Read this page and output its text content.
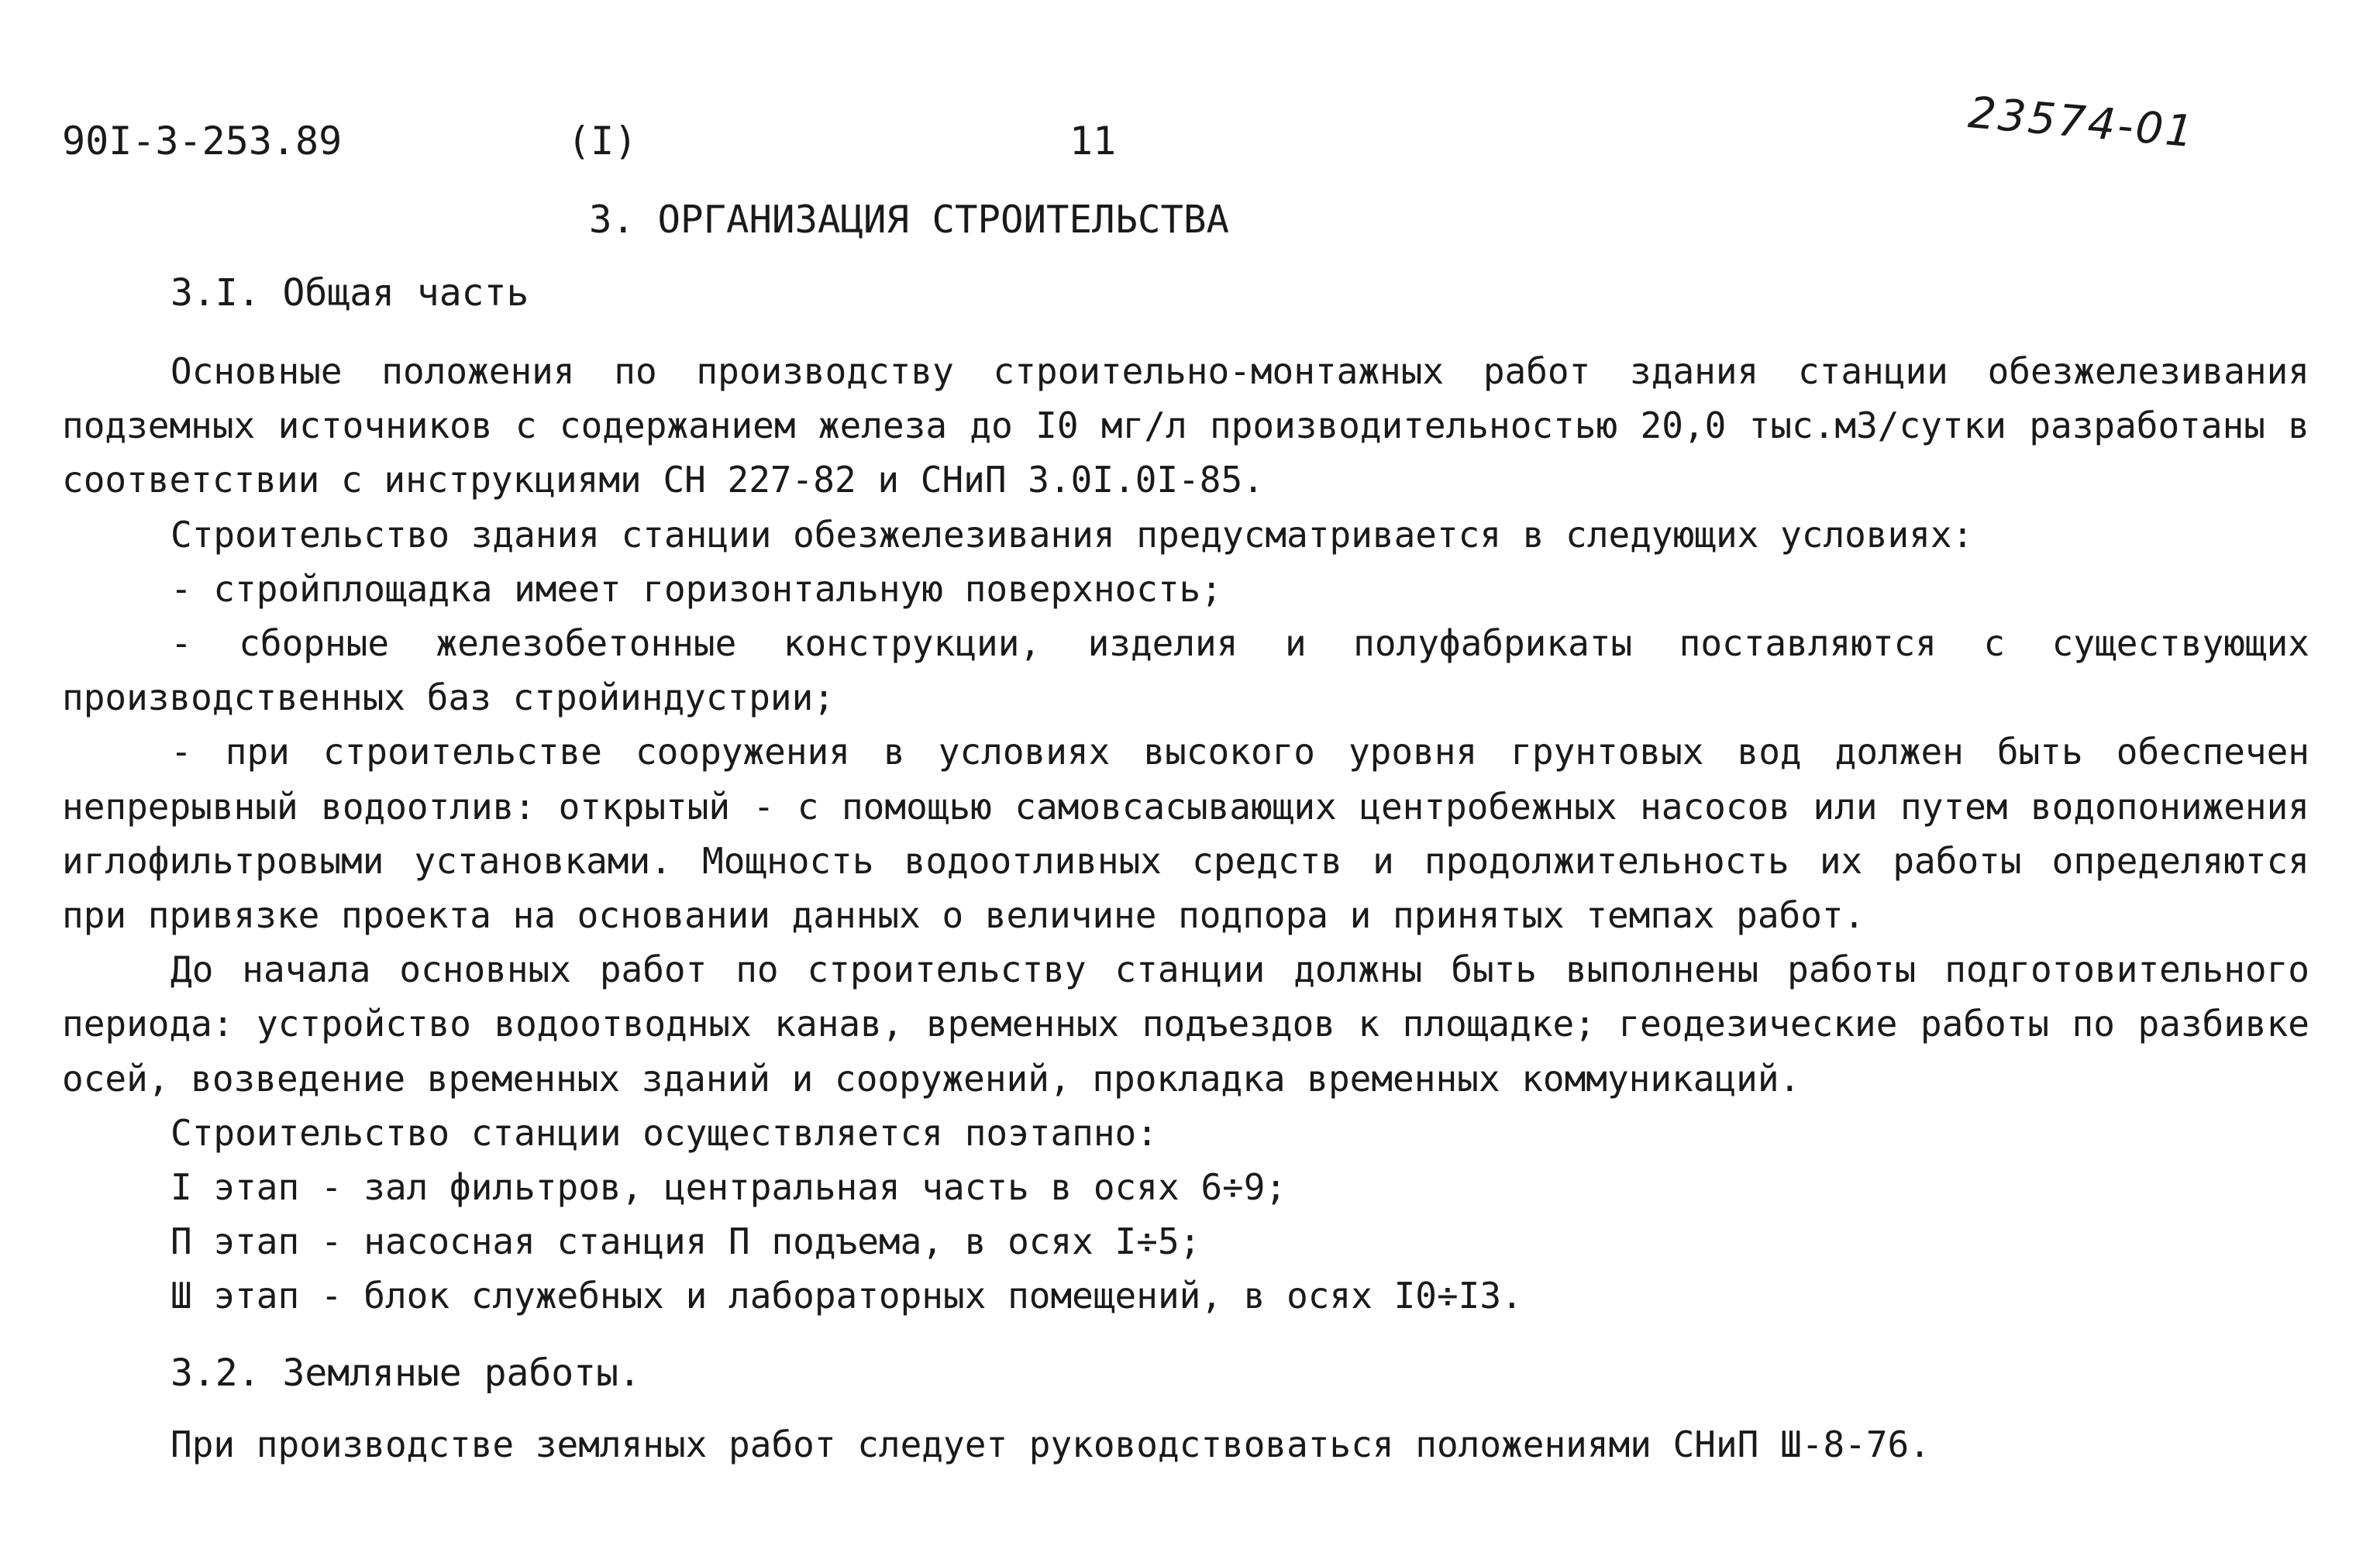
90I-3-253.89	(I)	11	23574-01
3. ОРГАНИЗАЦИЯ СТРОИТЕЛЬСТВА
3.I. Общая часть

Основные положения по производству строительно-монтажных работ здания станции обезжелезивания подземных источников с содержанием железа до I0 мг/л производительностью 20,0 тыс.м3/сутки разработаны в соответствии с инструкциями СН 227-82 и СНиП 3.0I.0I-85.

Строительство здания станции обезжелезивания предусматривается в следующих условиях:

- стройплощадка имеет горизонтальную поверхность;

- сборные железобетонные конструкции, изделия и полуфабрикаты поставляются с существующих производственных баз стройиндустрии;

- при строительстве сооружения в условиях высокого уровня грунтовых вод должен быть обеспечен непрерывный водоотлив: открытый - с помощью самовсасывающих центробежных насосов или путем водопонижения иглофильтровыми установками. Мощность водоотливных средств и продолжительность их работы определяются при привязке проекта на основании данных о величине подпора и принятых темпах работ.

До начала основных работ по строительству станции должны быть выполнены работы подготовительного периода: устройство водоотводных канав, временных подъездов к площадке; геодезические работы по разбивке осей, возведение временных зданий и сооружений, прокладка временных коммуникаций.

Строительство станции осуществляется поэтапно:

I этап - зал фильтров, центральная часть в осях 6÷9;

П этап - насосная станция П подъема, в осях I÷5;

Ш этап - блок служебных и лабораторных помещений, в осях I0÷I3.

3.2. Земляные работы.
При производстве земляных работ следует руководствоваться положениями СНиП Ш-8-76.
